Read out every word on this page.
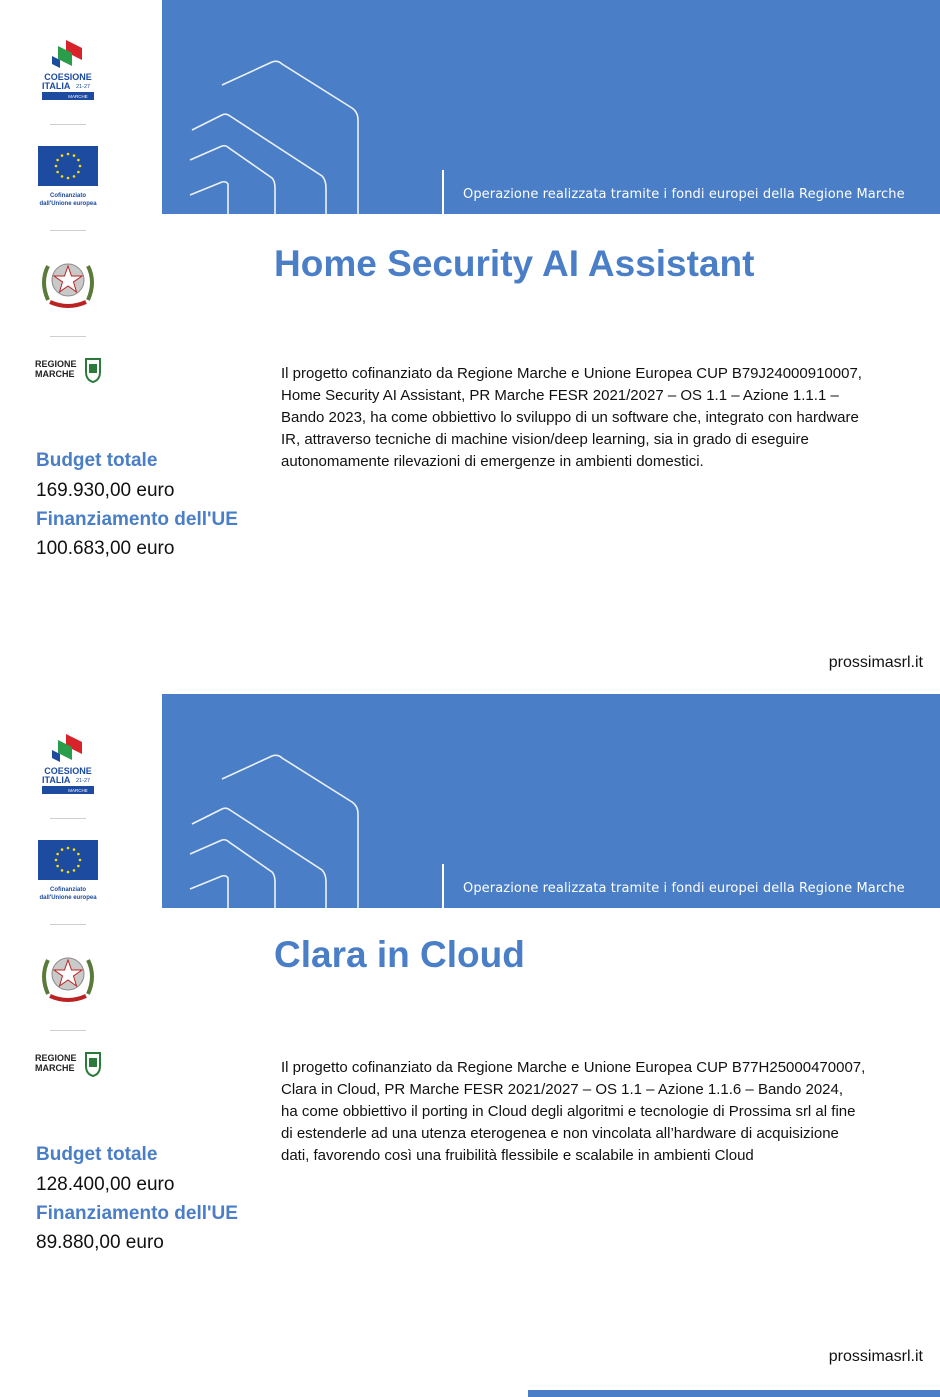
Operazione realizzata tramite i fondi europei della Regione Marche
COESIONE
ITALIA 21-27
MARCHE
Cofinanziato
dall'Unione europea
REGIONE
MARCHE
Home Security AI Assistant

Il progetto cofinanziato da Regione Marche e Unione Europea CUP B79J24000910007,
Home Security AI Assistant, PR Marche FESR 2021/2027 – OS 1.1 – Azione 1.1.1 –
Bando 2023, ha come obbiettivo lo sviluppo di un software che, integrato con hardware
IR, attraverso tecniche di machine vision/deep learning, sia in grado di eseguire
autonomamente rilevazioni di emergenze in ambienti domestici.

Budget totale
169.930,00 euro
Finanziamento dell'UE
100.683,00 euro
prossimasrl.it
Operazione realizzata tramite i fondi europei della Regione Marche
COESIONE
ITALIA 21-27
MARCHE
Cofinanziato
dall'Unione europea
REGIONE
MARCHE
Clara in Cloud

Il progetto cofinanziato da Regione Marche e Unione Europea CUP B77H25000470007,
Clara in Cloud, PR Marche FESR 2021/2027 – OS 1.1 – Azione 1.1.6 – Bando 2024,
ha come obbiettivo il porting in Cloud degli algoritmi e tecnologie di Prossima srl al fine
di estenderle ad una utenza eterogenea e non vincolata all’hardware di acquisizione
dati, favorendo così una fruibilità flessibile e scalabile in ambienti Cloud

Budget totale
128.400,00 euro
Finanziamento dell'UE
89.880,00 euro
prossimasrl.it
